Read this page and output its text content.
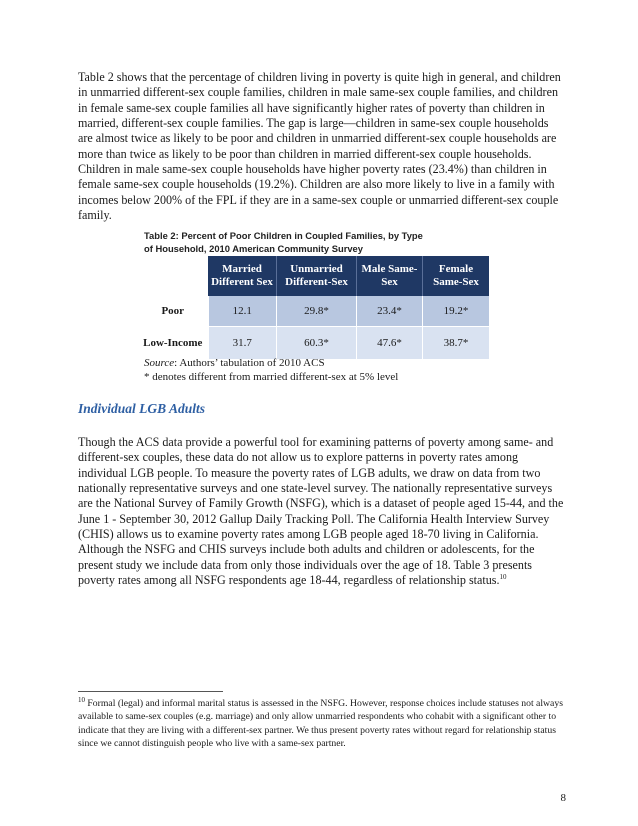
Table 2 shows that the percentage of children living in poverty is quite high in general, and children in unmarried different-sex couple families, children in male same-sex couple families, and children in female same-sex couple families all have significantly higher rates of poverty than children in married, different-sex couple families. The gap is large—children in same-sex couple households are almost twice as likely to be poor and children in unmarried different-sex couple households are more than twice as likely to be poor than children in married different-sex couple households. Children in male same-sex couple households have higher poverty rates (23.4%) than children in female same-sex couple households (19.2%). Children are also more likely to live in a family with incomes below 200% of the FPL if they are in a same-sex couple or unmarried different-sex couple family.

Table 2: Percent of Poor Children in Coupled Families, by Type of Household, 2010 American Community Survey
	Married Different Sex	Unmarried Different-Sex	Male Same-Sex	Female Same-Sex
Poor	12.1	29.8*	23.4*	19.2*
Low-Income	31.7	60.3*	47.6*	38.7*
Source: Authors’ tabulation of 2010 ACS
* denotes different from married different-sex at 5% level
Individual LGB Adults

Though the ACS data provide a powerful tool for examining patterns of poverty among same- and different-sex couples, these data do not allow us to explore patterns in poverty rates among individual LGB people. To measure the poverty rates of LGB adults, we draw on data from two nationally representative surveys and one state-level survey. The nationally representative surveys are the National Survey of Family Growth (NSFG), which is a dataset of people aged 15-44, and the June 1 - September 30, 2012 Gallup Daily Tracking Poll. The California Health Interview Survey (CHIS) allows us to examine poverty rates among LGB people aged 18-70 living in California. Although the NSFG and CHIS surveys include both adults and children or adolescents, for the present study we include data from only those individuals over the age of 18. Table 3 presents poverty rates among all NSFG respondents age 18-44, regardless of relationship status.$^{10}$

$^{10}$ Formal (legal) and informal marital status is assessed in the NSFG. However, response choices include statuses not always available to same-sex couples (e.g. marriage) and only allow unmarried respondents who cohabit with a significant other to indicate that they are living with a different-sex partner. We thus present poverty rates without regard for relationship status since we cannot distinguish people who live with a same-sex partner.
8
